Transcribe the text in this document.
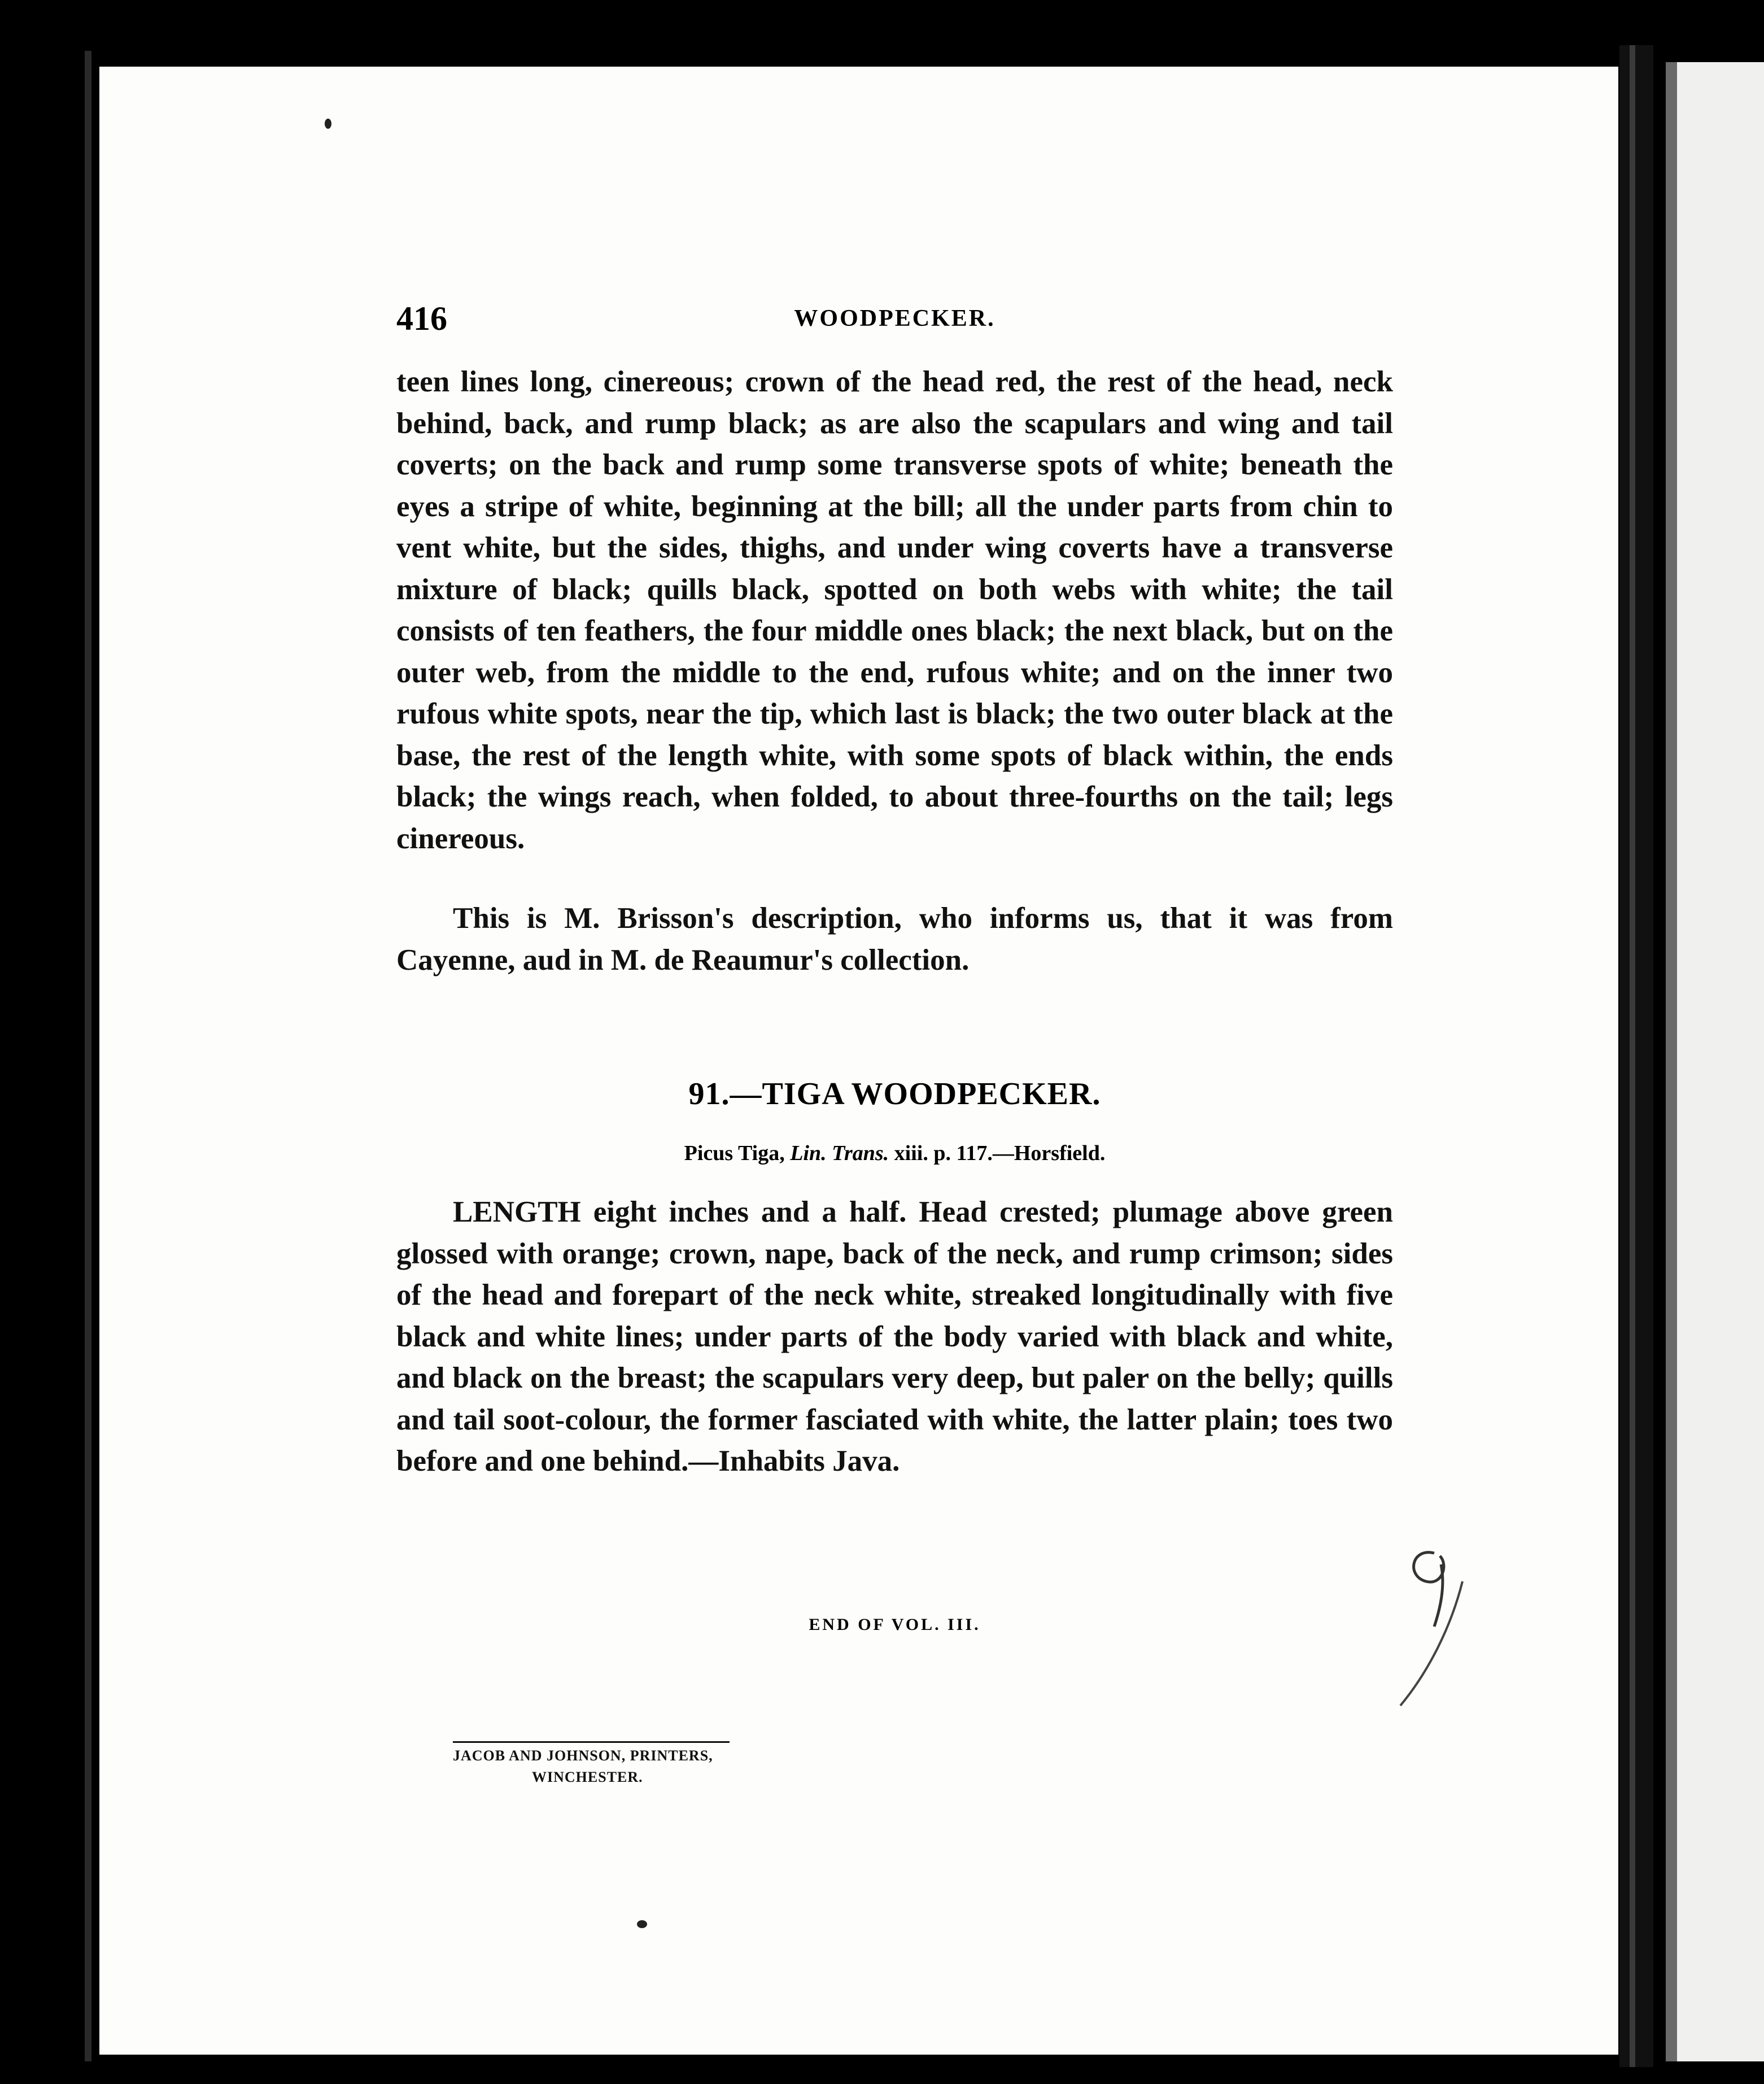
416	WOODPECKER.

teen lines long, cinereous; crown of the head red, the rest of the head, neck behind, back, and rump black; as are also the scapulars and wing and tail coverts; on the back and rump some transverse spots of white; beneath the eyes a stripe of white, beginning at the bill; all the under parts from chin to vent white, but the sides, thighs, and under wing coverts have a transverse mixture of black; quills black, spotted on both webs with white; the tail consists of ten feathers, the four middle ones black; the next black, but on the outer web, from the middle to the end, rufous white; and on the inner two rufous white spots, near the tip, which last is black; the two outer black at the base, the rest of the length white, with some spots of black within, the ends black; the wings reach, when folded, to about three-fourths on the tail; legs cinereous.

This is M. Brisson's description, who informs us, that it was from Cayenne, aud in M. de Reaumur's collection.

91.—TIGA WOODPECKER.
Picus Tiga, Lin. Trans. xiii. p. 117.—Horsfield.

LENGTH eight inches and a half. Head crested; plumage above green glossed with orange; crown, nape, back of the neck, and rump crimson; sides of the head and forepart of the neck white, streaked longitudinally with five black and white lines; under parts of the body varied with black and white, and black on the breast; the scapulars very deep, but paler on the belly; quills and tail soot-colour, the former fasciated with white, the latter plain; toes two before and one behind.—Inhabits Java.

END OF VOL. III.
JACOB AND JOHNSON, PRINTERS,
WINCHESTER.
